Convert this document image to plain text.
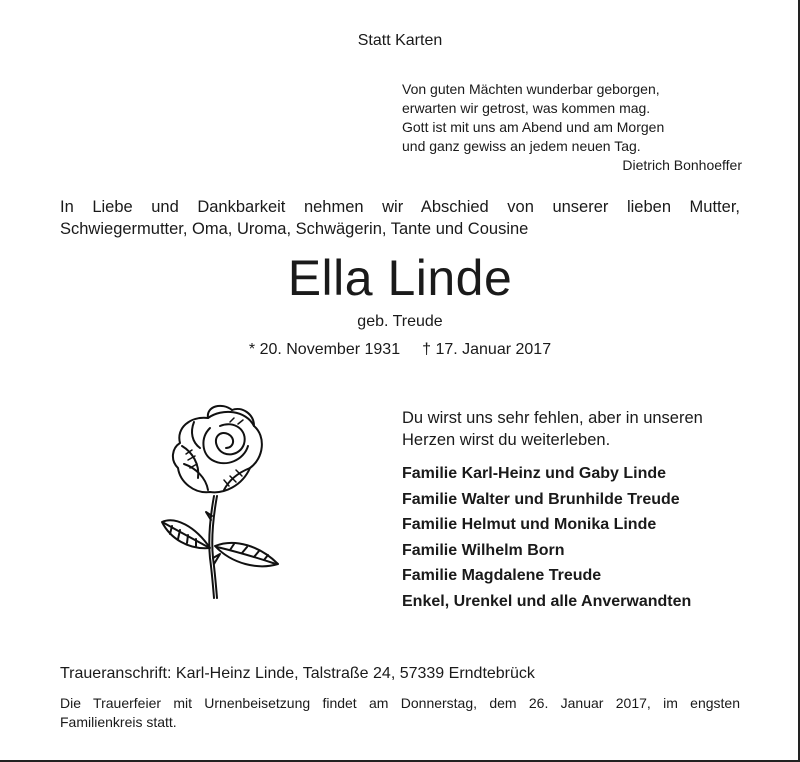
Statt Karten
Von guten Mächten wunderbar geborgen,
erwarten wir getrost, was kommen mag.
Gott ist mit uns am Abend und am Morgen
und ganz gewiss an jedem neuen Tag.
Dietrich Bonhoeffer
In Liebe und Dankbarkeit nehmen wir Abschied von unserer lieben Mutter,
Schwiegermutter, Oma, Uroma, Schwägerin, Tante und Cousine
Ella Linde
geb. Treude
* 20. November 1931 † 17. Januar 2017
Du wirst uns sehr fehlen, aber in unseren
Herzen wirst du weiterleben.
Familie Karl-Heinz und Gaby Linde
Familie Walter und Brunhilde Treude
Familie Helmut und Monika Linde
Familie Wilhelm Born
Familie Magdalene Treude
Enkel, Urenkel und alle Anverwandten
Traueranschrift: Karl-Heinz Linde, Talstraße 24, 57339 Erndtebrück
Die Trauerfeier mit Urnenbeisetzung findet am Donnerstag, dem 26. Januar 2017, im engsten
Familienkreis statt.
